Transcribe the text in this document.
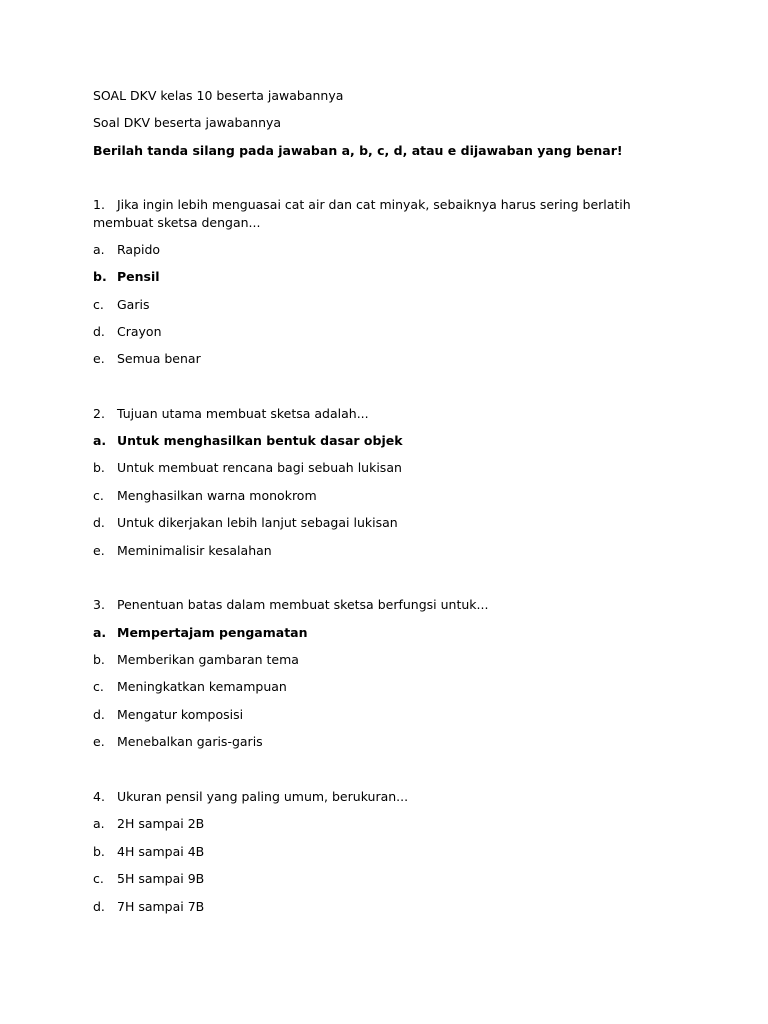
SOAL DKV kelas 10 beserta jawabannya
Soal DKV beserta jawabannya
Berilah tanda silang pada jawaban a, b, c, d, atau e dijawaban yang benar!
1. Jika ingin lebih menguasai cat air dan cat minyak, sebaiknya harus sering berlatih membuat sketsa dengan...
a. Rapido
b. Pensil
c. Garis
d. Crayon
e. Semua benar
2. Tujuan utama membuat sketsa adalah...
a. Untuk menghasilkan bentuk dasar objek
b. Untuk membuat rencana bagi sebuah lukisan
c. Menghasilkan warna monokrom
d. Untuk dikerjakan lebih lanjut sebagai lukisan
e. Meminimalisir kesalahan
3. Penentuan batas dalam membuat sketsa berfungsi untuk...
a. Mempertajam pengamatan
b. Memberikan gambaran tema
c. Meningkatkan kemampuan
d. Mengatur komposisi
e. Menebalkan garis-garis
4. Ukuran pensil yang paling umum, berukuran...
a. 2H sampai 2B
b. 4H sampai 4B
c. 5H sampai 9B
d. 7H sampai 7B
